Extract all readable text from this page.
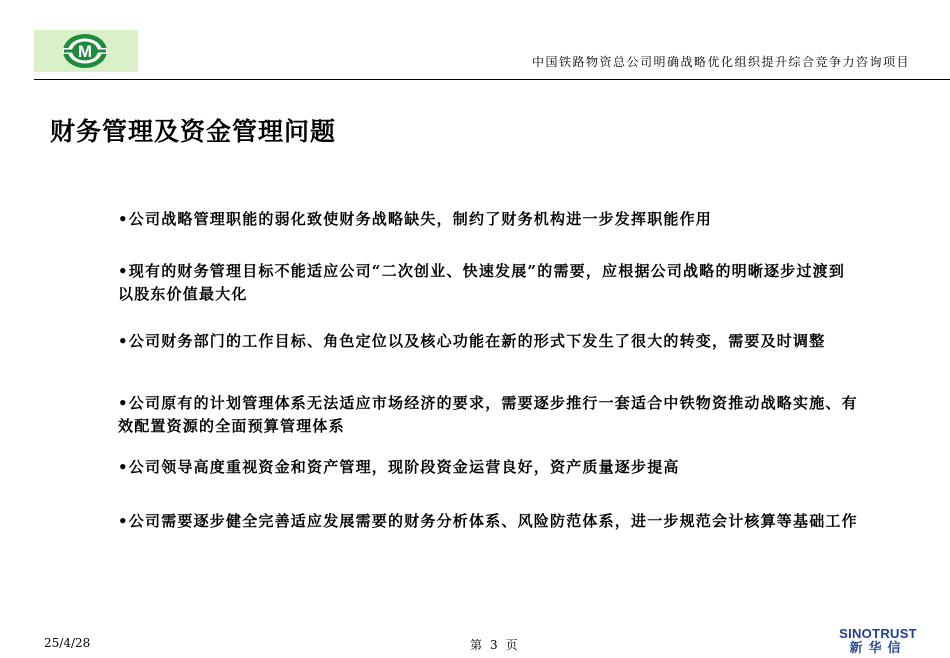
M
中国铁路物资总公司明确战略优化组织提升综合竞争力咨询项目
财务管理及资金管理问题
•公司战略管理职能的弱化致使财务战略缺失，制约了财务机构进一步发挥职能作用
•现有的财务管理目标不能适应公司“二次创业、快速发展”的需要，应根据公司战略的明晰逐步过渡到以股东价值最大化
•公司财务部门的工作目标、角色定位以及核心功能在新的形式下发生了很大的转变，需要及时调整
•公司原有的计划管理体系无法适应市场经济的要求，需要逐步推行一套适合中铁物资推动战略实施、有效配置资源的全面预算管理体系
•公司领导高度重视资金和资产管理，现阶段资金运营良好，资产质量逐步提高
•公司需要逐步健全完善适应发展需要的财务分析体系、风险防范体系，进一步规范会计核算等基础工作
25/4/28	第 3 页
SINOTRUST
新华信
